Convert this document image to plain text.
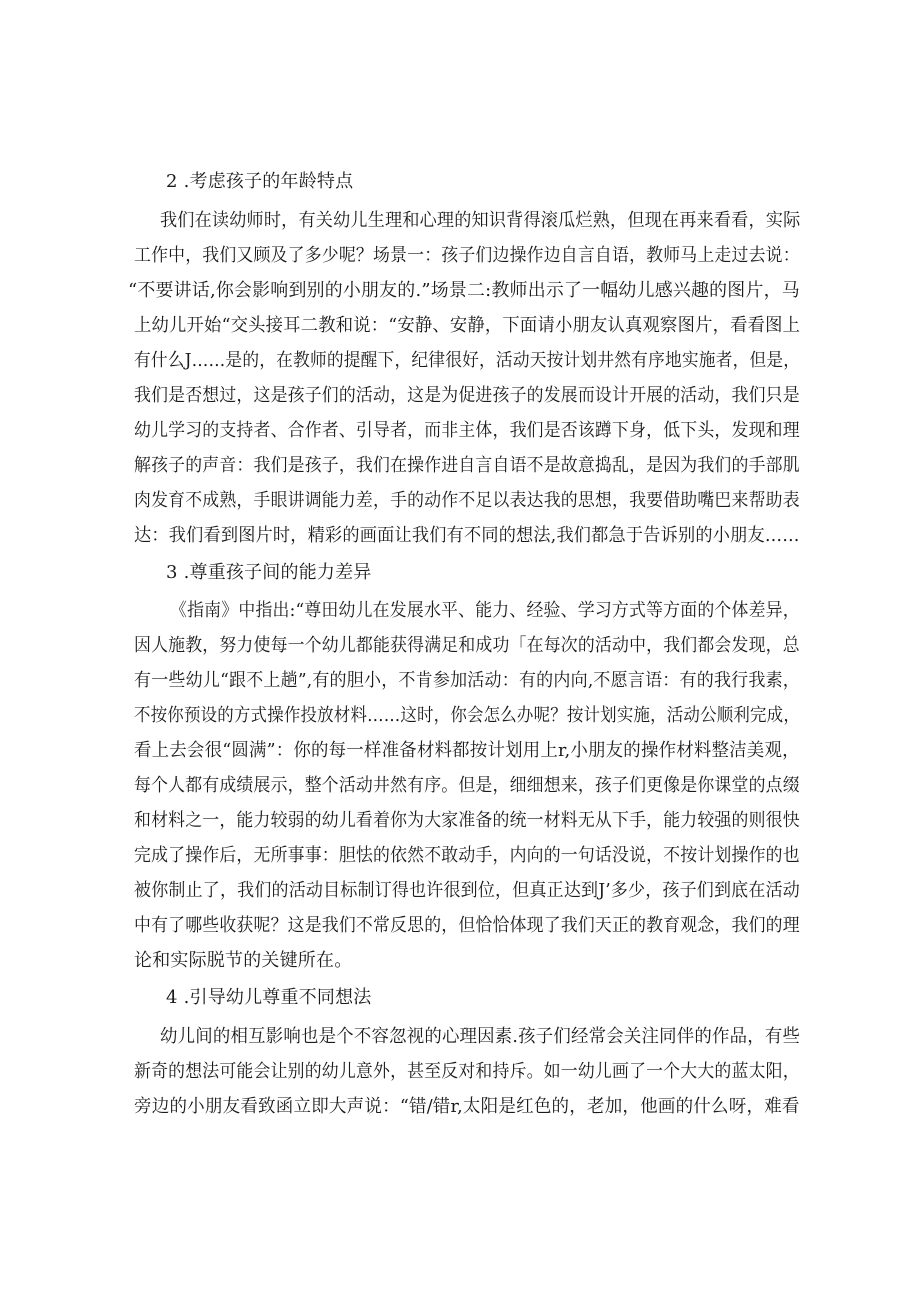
2 .考虑孩子的年龄特点
我们在读幼师时，有关幼儿生理和心理的知识背得滚瓜烂熟，但现在再来看看，实际
工作中，我们又顾及了多少呢？场景一：孩子们边操作边自言自语，教师马上走过去说：
“不要讲话,你会影响到别的小朋友的.”场景二:教师出示了一幅幼儿感兴趣的图片，马
上幼儿开始“交头接耳二教和说：“安静、安静，下面请小朋友认真观察图片，看看图上
有什么J……是的，在教师的提醒下，纪律很好，活动天按计划井然有序地实施者，但是，
我们是否想过，这是孩子们的活动，这是为促进孩子的发展而设计开展的活动，我们只是
幼儿学习的支持者、合作者、引导者，而非主体，我们是否该蹲下身，低下头，发现和理
解孩子的声音：我们是孩子，我们在操作进自言自语不是故意捣乱，是因为我们的手部肌
肉发育不成熟，手眼讲调能力差，手的动作不足以表达我的思想，我要借助嘴巴来帮助表
达：我们看到图片时，精彩的画面让我们有不同的想法,我们都急于告诉别的小朋友……
3 .尊重孩子间的能力差异
《指南》中指出:“尊田幼儿在发展水平、能力、经验、学习方式等方面的个体差异，
因人施教，努力使每一个幼儿都能获得满足和成功「在每次的活动中，我们都会发现，总
有一些幼儿“跟不上趟”,有的胆小，不肯参加活动：有的内向,不愿言语：有的我行我素，
不按你预设的方式操作投放材料……这时，你会怎么办呢？按计划实施，活动公顺利完成，
看上去会很“圆满”：你的每一样准备材料都按计划用上r,小朋友的操作材料整洁美观，
每个人都有成绩展示，整个活动井然有序。但是，细细想来，孩子们更像是你课堂的点缀
和材料之一，能力较弱的幼儿看着你为大家准备的统一材料无从下手，能力较强的则很快
完成了操作后，无所事事：胆怯的依然不敢动手，内向的一句话没说，不按计划操作的也
被你制止了，我们的活动目标制订得也许很到位，但真正达到J’多少，孩子们到底在活动
中有了哪些收获呢？这是我们不常反思的，但恰恰体现了我们天正的教育观念，我们的理
论和实际脱节的关键所在。
4 .引导幼儿尊重不同想法
幼儿间的相互影响也是个不容忽视的心理因素.孩子们经常会关注同伴的作品，有些
新奇的想法可能会让别的幼儿意外，甚至反对和持斥。如一幼儿画了一个大大的蓝太阳，
旁边的小朋友看致函立即大声说：“错/错r,太阳是红色的，老加，他画的什么呀，难看
